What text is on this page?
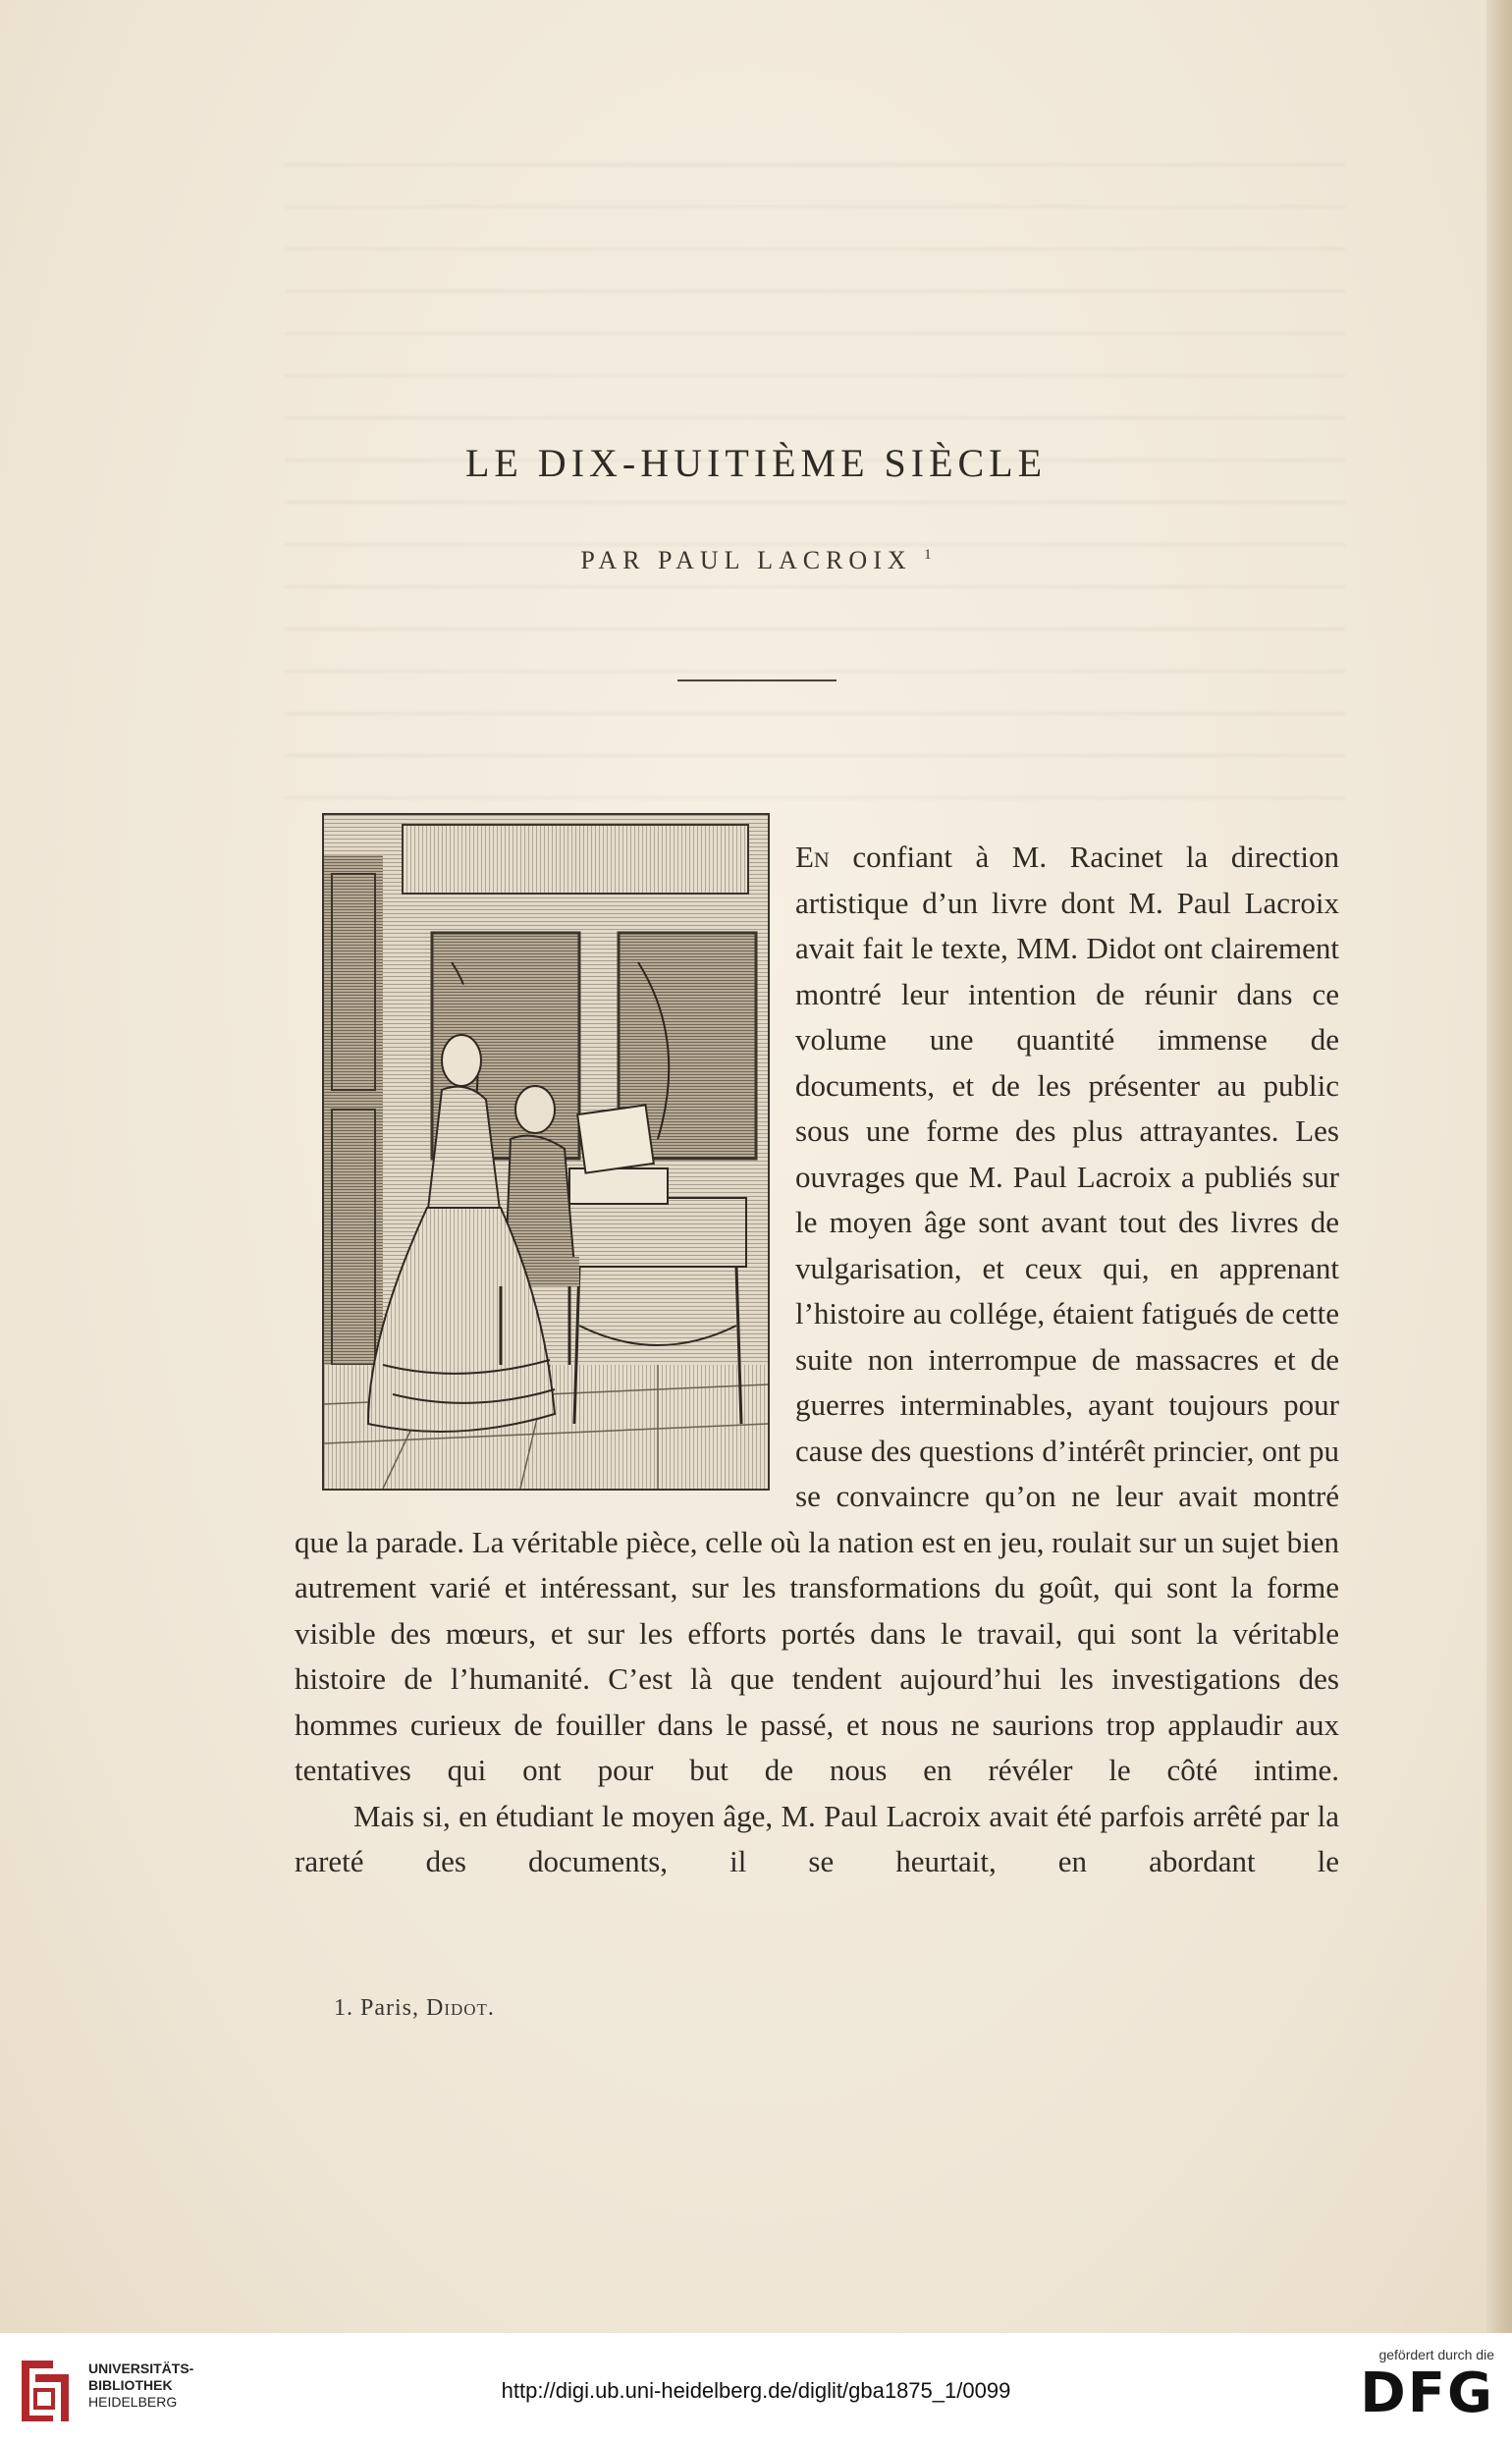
LE DIX-HUITIÈME SIÈCLE
PAR PAUL LACROIX $^1$

En confiant à M. Racinet la direction artistique d’un livre dont M. Paul Lacroix avait fait le texte, MM. Didot ont clairement montré leur intention de réunir dans ce volume une quantité immense de documents, et de les présenter au public sous une forme des plus attrayantes. Les ouvrages que M. Paul Lacroix a publiés sur le moyen âge sont avant tout des livres de vulgarisation, et ceux qui, en apprenant l’histoire au collége, étaient fatigués de cette suite non interrompue de massacres et de guerres interminables, ayant toujours pour cause des questions d’intérêt princier, ont pu se convaincre qu’on ne leur avait montré que la parade. La véritable pièce, celle où la nation est en jeu, roulait sur un sujet bien autrement varié et intéressant, sur les transformations du goût, qui sont la forme visible des mœurs, et sur les efforts portés dans le travail, qui sont la véritable histoire de l’humanité. C’est là que tendent aujourd’hui les investigations des hommes curieux de fouiller dans le passé, et nous ne saurions trop applaudir aux tentatives qui ont pour but de nous en révéler le côté intime.

Mais si, en étudiant le moyen âge, M. Paul Lacroix avait été parfois arrêté par la rareté des documents, il se heurtait, en abordant le

1. Paris, Didot.
UNIVERSITÄTS-
BIBLIOTHEK
HEIDELBERG	http://digi.ub.uni-heidelberg.de/diglit/gba1875_1/0099
gefördert durch die
DFG
